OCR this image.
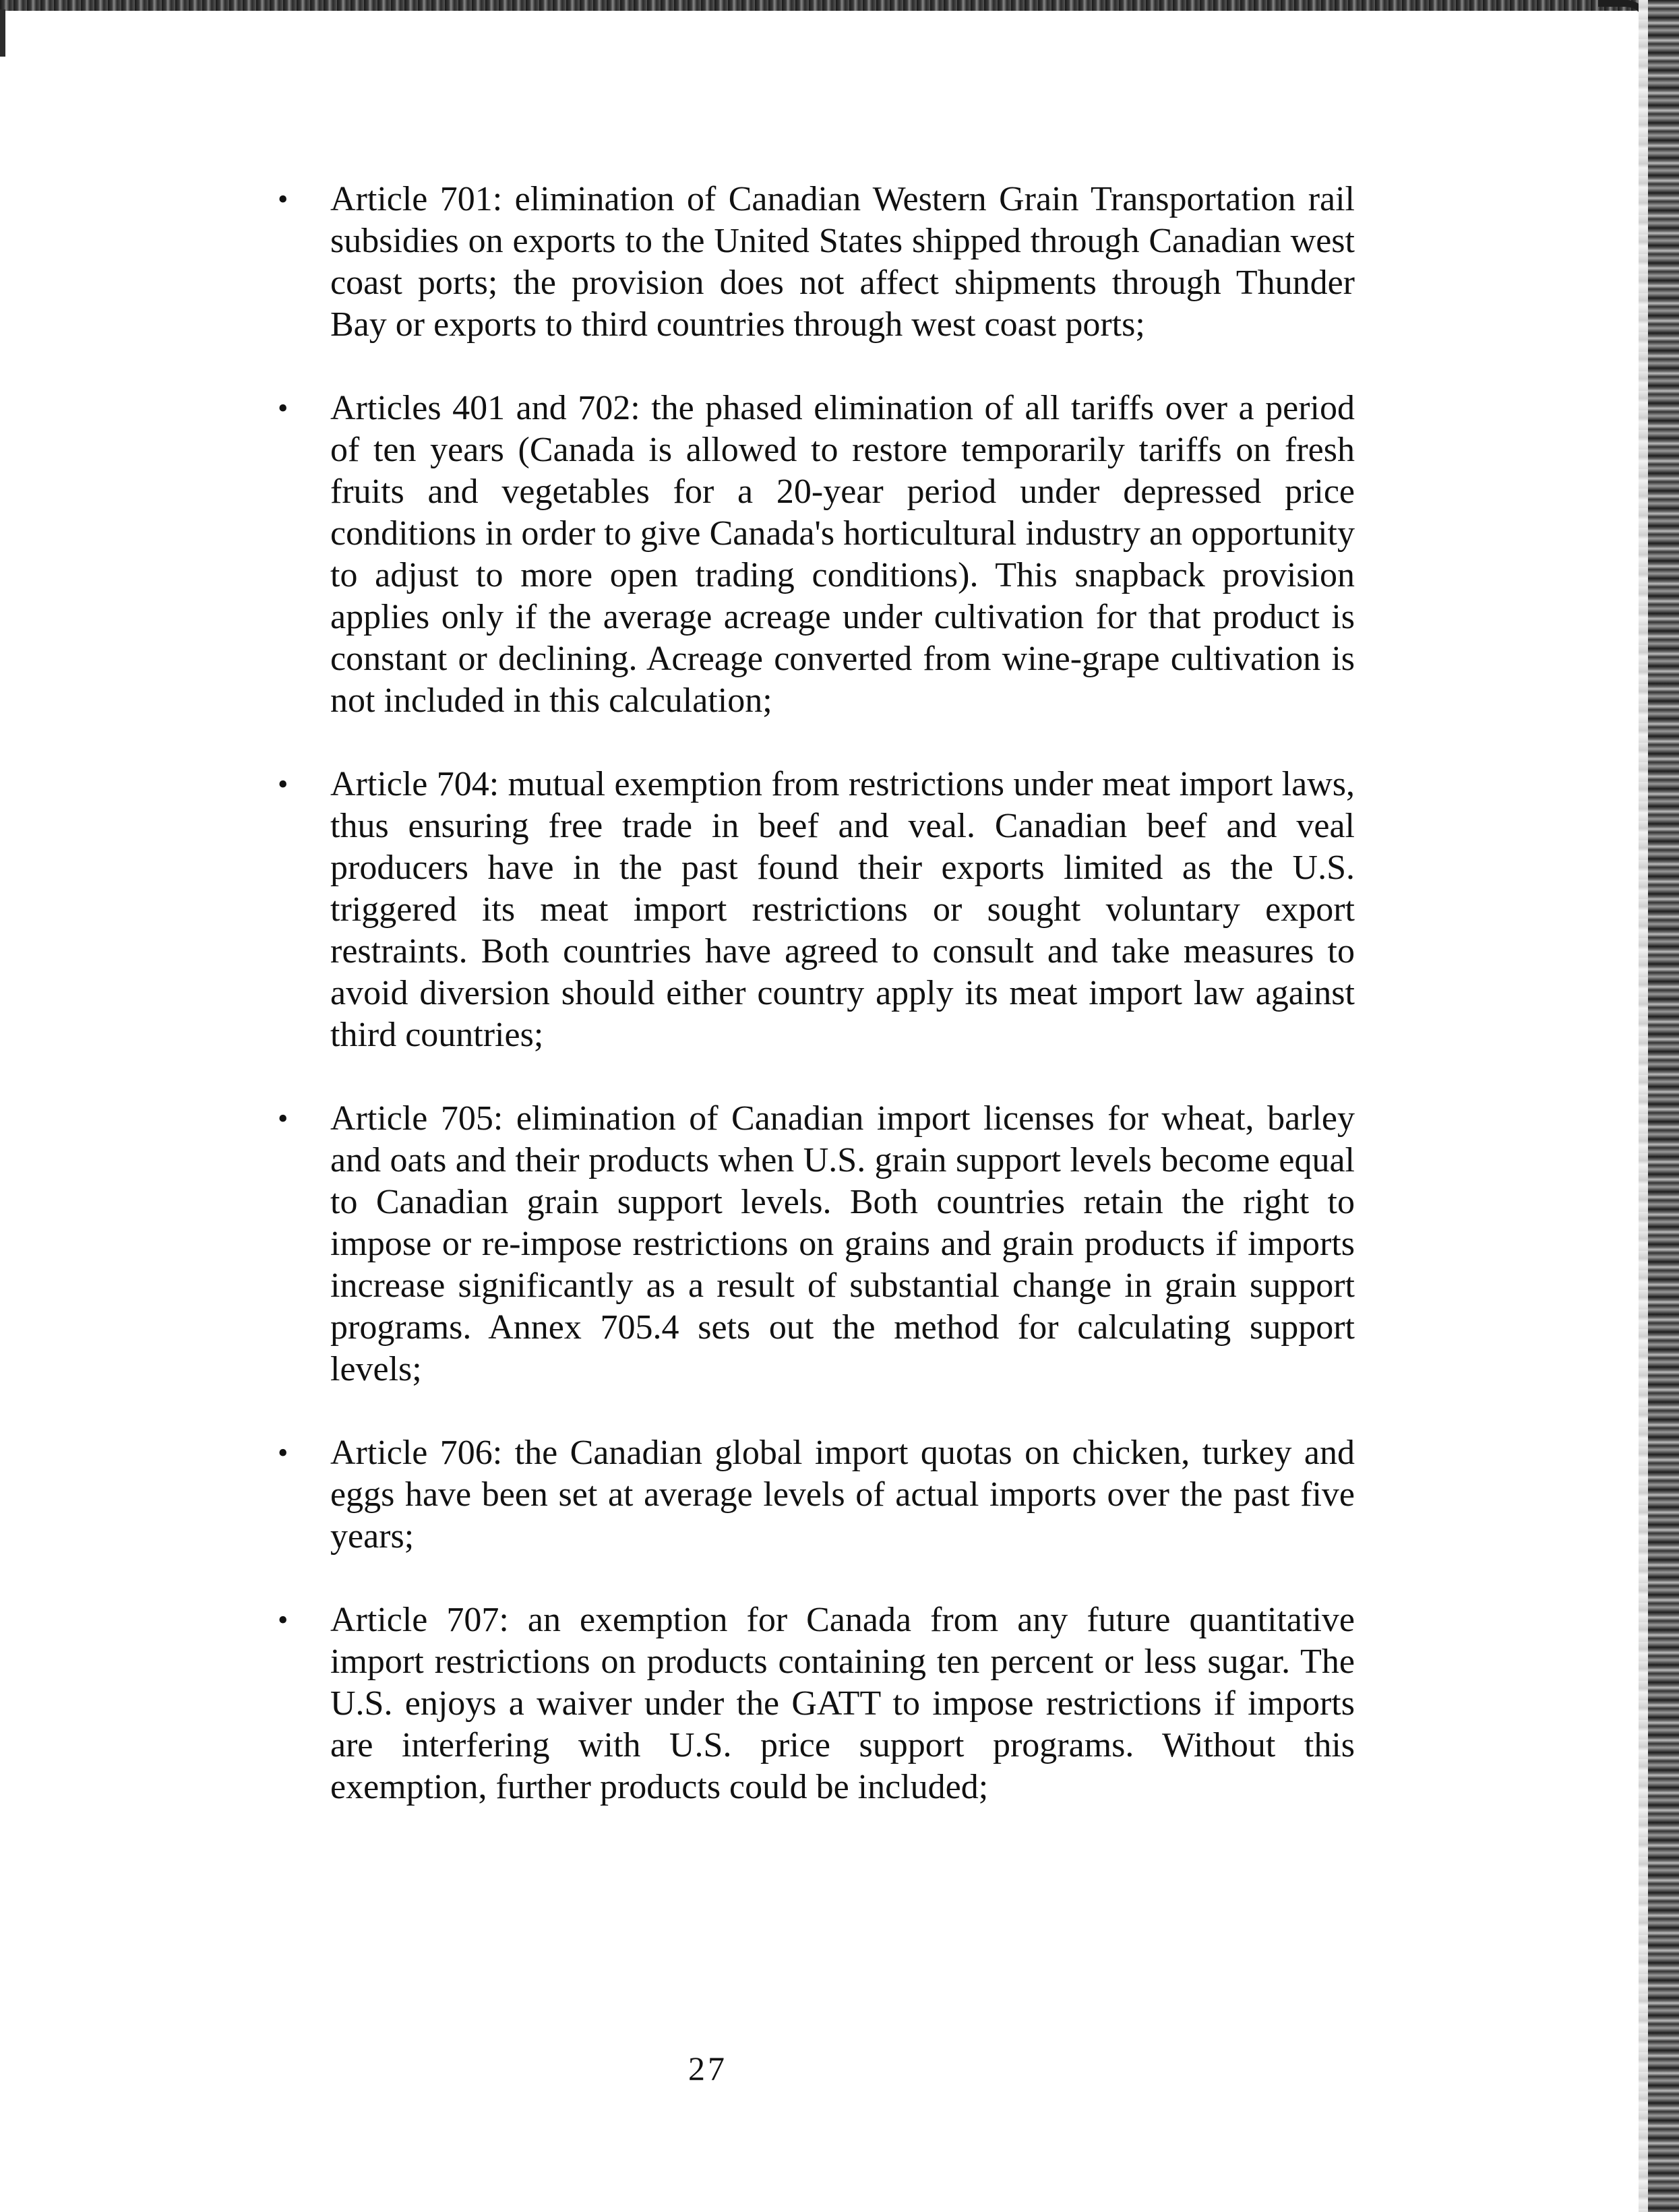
• Article 701: elimination of Canadian Western Grain Transportation rail subsidies on exports to the United States shipped through Canadian west coast ports; the provision does not affect shipments through Thunder Bay or exports to third countries through west coast ports;

• Articles 401 and 702: the phased elimination of all tariffs over a period of ten years (Canada is allowed to restore temporarily tariffs on fresh fruits and vegetables for a 20-year period under depressed price conditions in order to give Canada's horticultural industry an opportunity to adjust to more open trading conditions). This snapback provision applies only if the average acreage under cultivation for that product is constant or declining. Acreage converted from wine-grape cultivation is not included in this calculation;

• Article 704: mutual exemption from restrictions under meat import laws, thus ensuring free trade in beef and veal. Canadian beef and veal producers have in the past found their exports limited as the U.S. triggered its meat import restrictions or sought voluntary export restraints. Both countries have agreed to consult and take measures to avoid diversion should either country apply its meat import law against third countries;

• Article 705: elimination of Canadian import licenses for wheat, barley and oats and their products when U.S. grain support levels become equal to Canadian grain support levels. Both countries retain the right to impose or re-impose restrictions on grains and grain products if imports increase significantly as a result of substantial change in grain support programs. Annex 705.4 sets out the method for calculating support levels;

• Article 706: the Canadian global import quotas on chicken, turkey and eggs have been set at average levels of actual imports over the past five years;

• Article 707: an exemption for Canada from any future quantitative import restrictions on products containing ten percent or less sugar. The U.S. enjoys a waiver under the GATT to impose restrictions if imports are interfering with U.S. price support programs. Without this exemption, further products could be included;

27
